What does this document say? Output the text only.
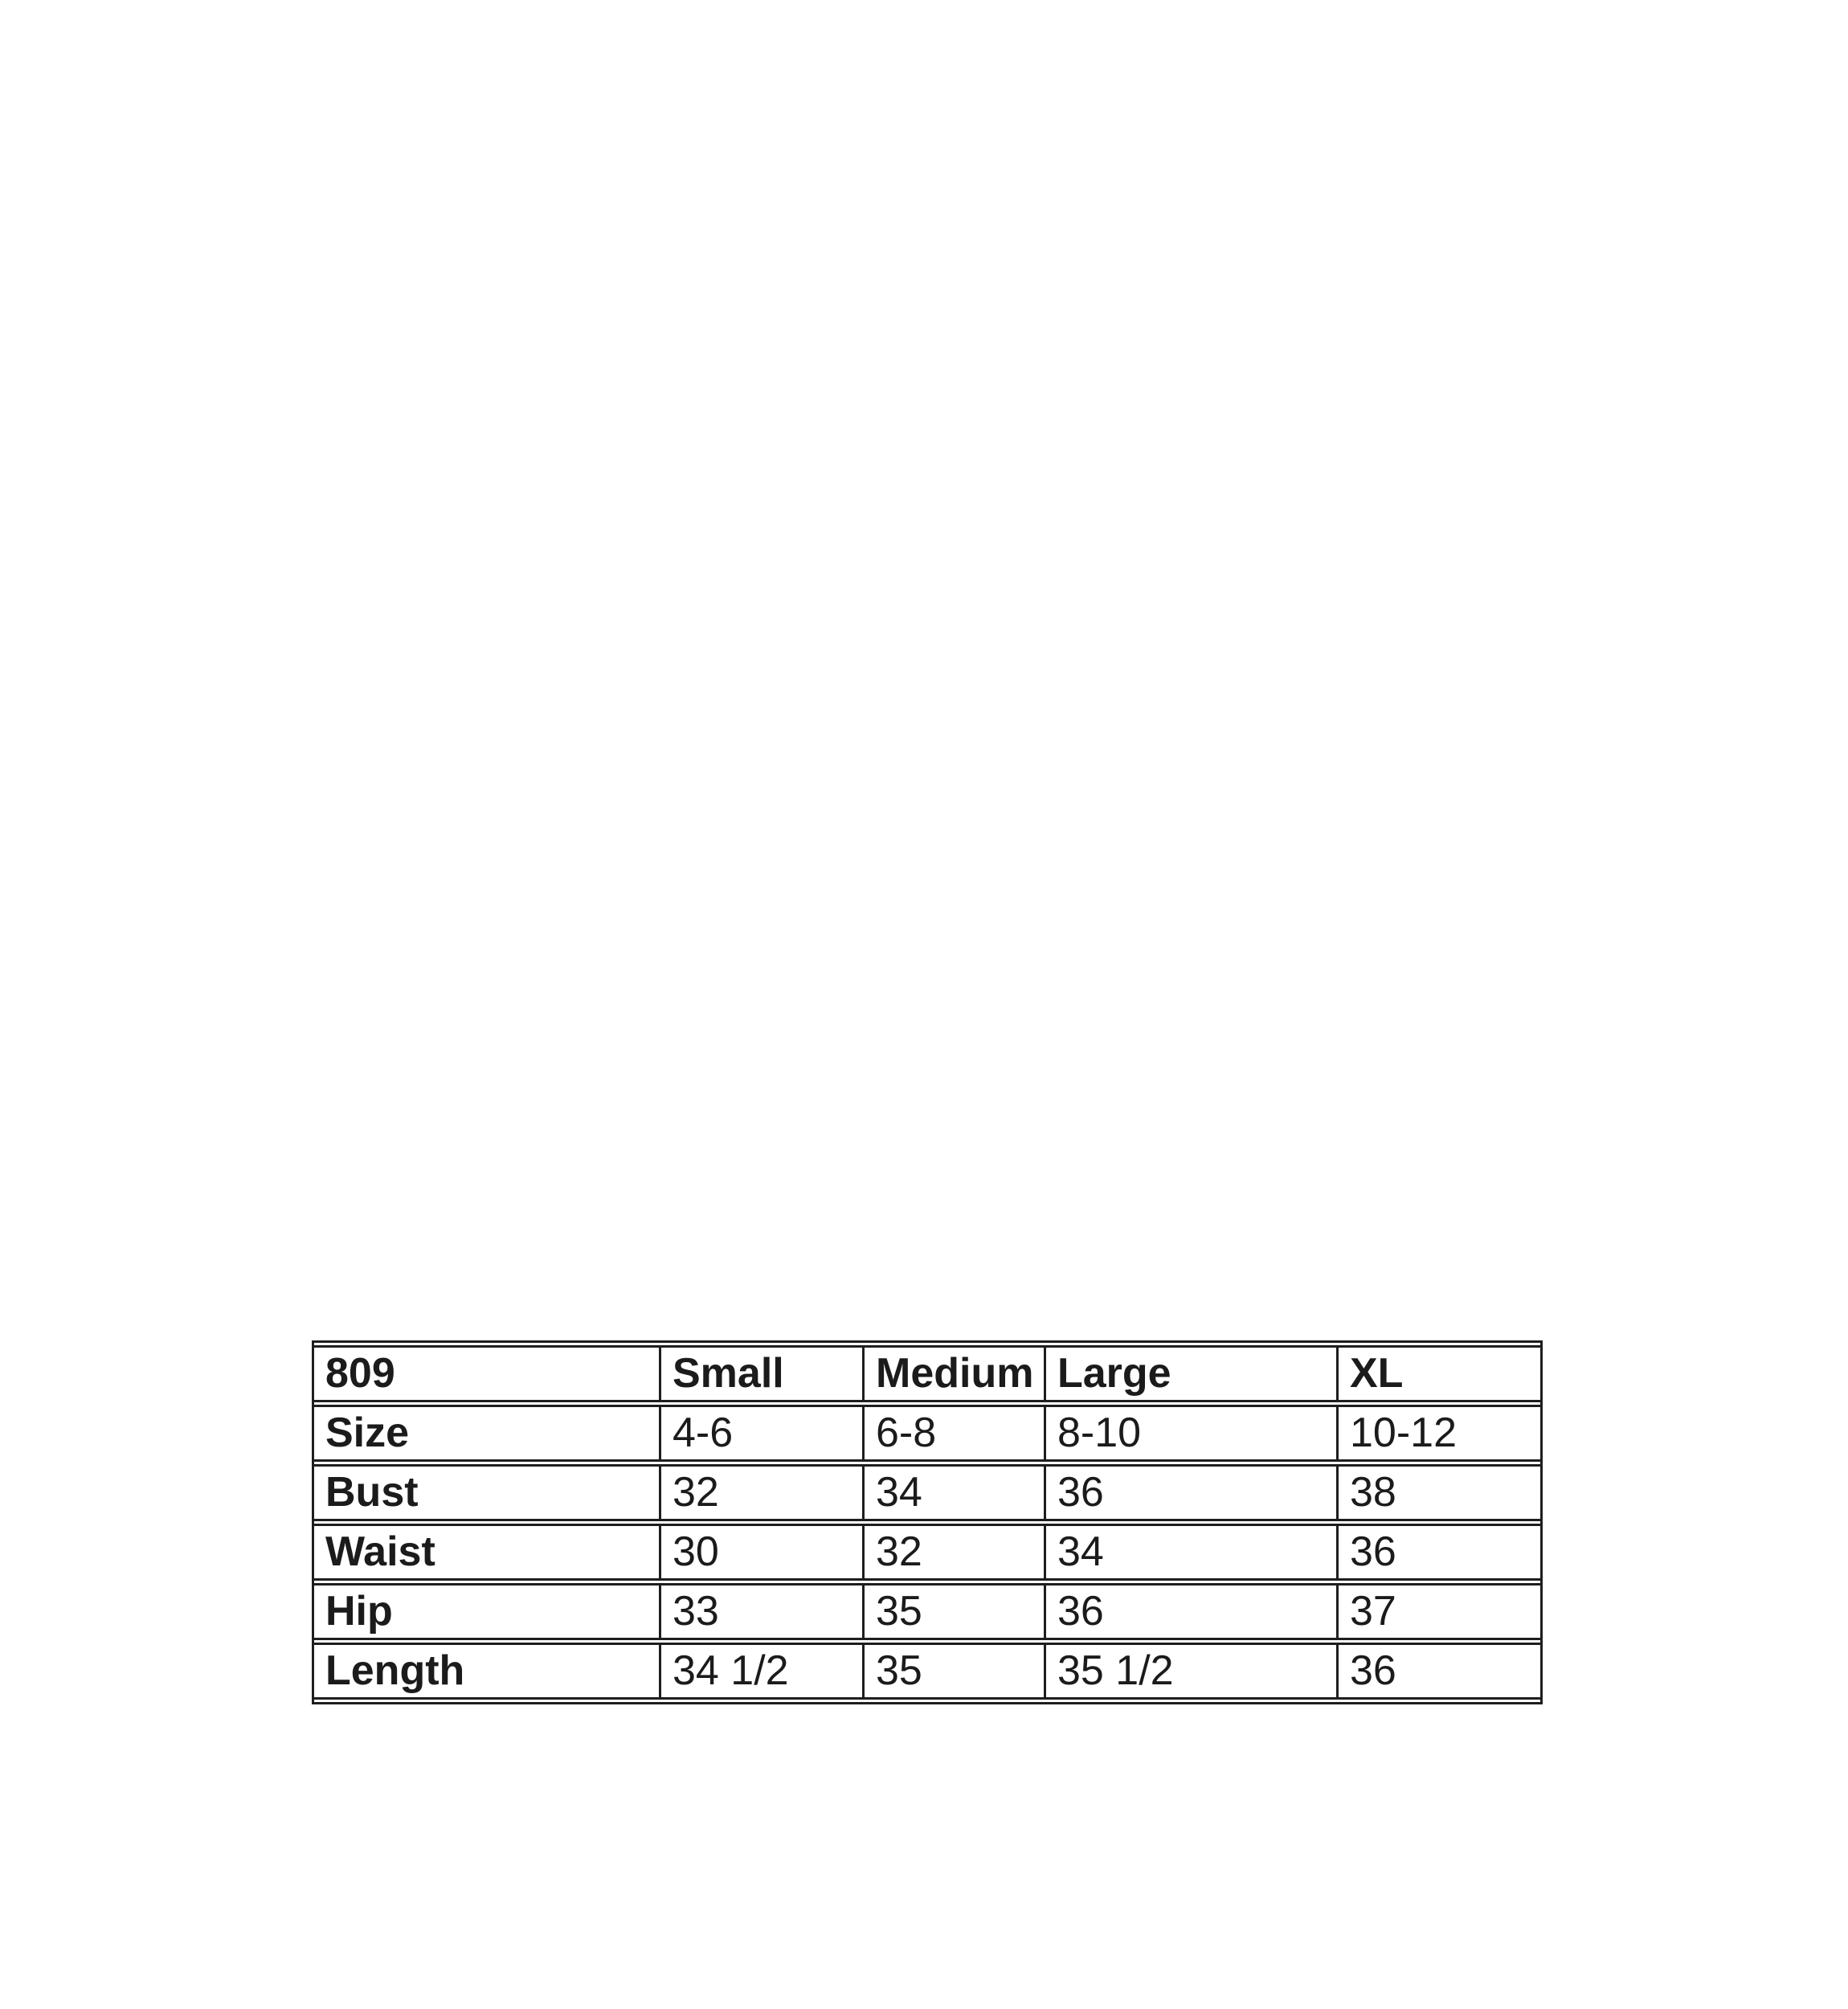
809	Small	Medium	Large	XL
Size	4-6	6-8	8-10	10-12
Bust	32	34	36	38
Waist	30	32	34	36
Hip	33	35	36	37
Length	34 1/2	35	35 1/2	36
